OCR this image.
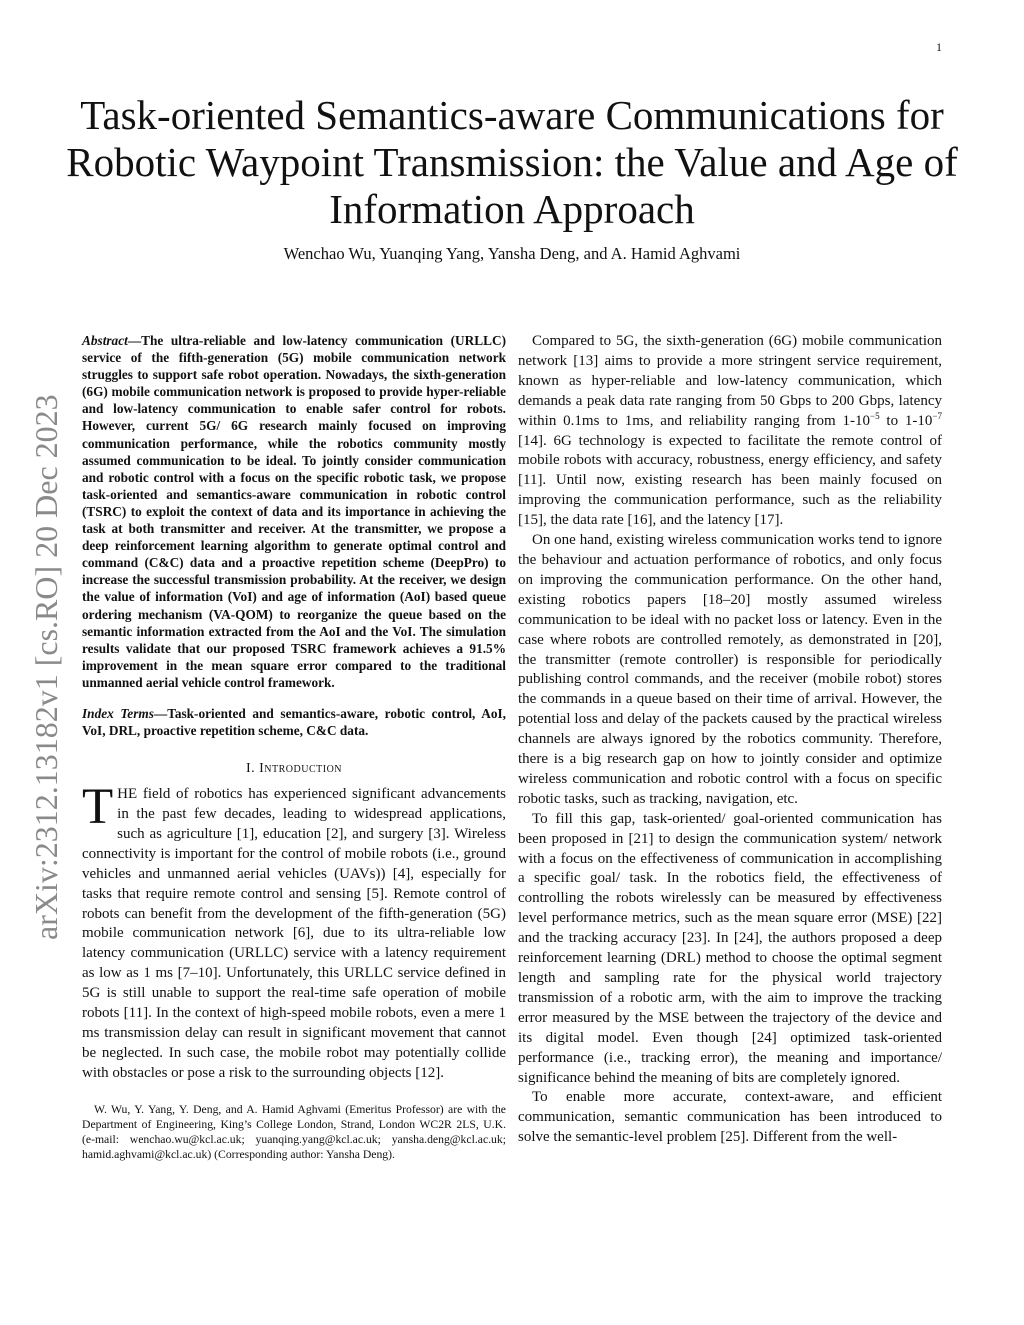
1
Task-oriented Semantics-aware Communications for Robotic Waypoint Transmission: the Value and Age of Information Approach
Wenchao Wu, Yuanqing Yang, Yansha Deng, and A. Hamid Aghvami
arXiv:2312.13182v1 [cs.RO] 20 Dec 2023

Abstract—The ultra-reliable and low-latency communication (URLLC) service of the fifth-generation (5G) mobile communication network struggles to support safe robot operation. Nowadays, the sixth-generation (6G) mobile communication network is proposed to provide hyper-reliable and low-latency communication to enable safer control for robots. However, current 5G/ 6G research mainly focused on improving communication performance, while the robotics community mostly assumed communication to be ideal. To jointly consider communication and robotic control with a focus on the specific robotic task, we propose task-oriented and semantics-aware communication in robotic control (TSRC) to exploit the context of data and its importance in achieving the task at both transmitter and receiver. At the transmitter, we propose a deep reinforcement learning algorithm to generate optimal control and command (C&C) data and a proactive repetition scheme (DeepPro) to increase the successful transmission probability. At the receiver, we design the value of information (VoI) and age of information (AoI) based queue ordering mechanism (VA-QOM) to reorganize the queue based on the semantic information extracted from the AoI and the VoI. The simulation results validate that our proposed TSRC framework achieves a 91.5% improvement in the mean square error compared to the traditional unmanned aerial vehicle control framework.

Index Terms—Task-oriented and semantics-aware, robotic control, AoI, VoI, DRL, proactive repetition scheme, C&C data.

I. Introduction

THE field of robotics has experienced significant advancements in the past few decades, leading to widespread applications, such as agriculture [1], education [2], and surgery [3]. Wireless connectivity is important for the control of mobile robots (i.e., ground vehicles and unmanned aerial vehicles (UAVs)) [4], especially for tasks that require remote control and sensing [5]. Remote control of robots can benefit from the development of the fifth-generation (5G) mobile communication network [6], due to its ultra-reliable low latency communication (URLLC) service with a latency requirement as low as 1 ms [7–10]. Unfortunately, this URLLC service defined in 5G is still unable to support the real-time safe operation of mobile robots [11]. In the context of high-speed mobile robots, even a mere 1 ms transmission delay can result in significant movement that cannot be neglected. In such case, the mobile robot may potentially collide with obstacles or pose a risk to the surrounding objects [12].

W. Wu, Y. Yang, Y. Deng, and A. Hamid Aghvami (Emeritus Professor) are with the Department of Engineering, King’s College London, Strand, London WC2R 2LS, U.K. (e-mail: wenchao.wu@kcl.ac.uk; yuanqing.yang@kcl.ac.uk; yansha.deng@kcl.ac.uk; hamid.aghvami@kcl.ac.uk) (Corresponding author: Yansha Deng).

Compared to 5G, the sixth-generation (6G) mobile communication network [13] aims to provide a more stringent service requirement, known as hyper-reliable and low-latency communication, which demands a peak data rate ranging from 50 Gbps to 200 Gbps, latency within 0.1ms to 1ms, and reliability ranging from $1-10^{-5}$ to $1-10^{-7}$ [14]. 6G technology is expected to facilitate the remote control of mobile robots with accuracy, robustness, energy efficiency, and safety [11]. Until now, existing research has been mainly focused on improving the communication performance, such as the reliability [15], the data rate [16], and the latency [17].

On one hand, existing wireless communication works tend to ignore the behaviour and actuation performance of robotics, and only focus on improving the communication performance. On the other hand, existing robotics papers [18–20] mostly assumed wireless communication to be ideal with no packet loss or latency. Even in the case where robots are controlled remotely, as demonstrated in [20], the transmitter (remote controller) is responsible for periodically publishing control commands, and the receiver (mobile robot) stores the commands in a queue based on their time of arrival. However, the potential loss and delay of the packets caused by the practical wireless channels are always ignored by the robotics community. Therefore, there is a big research gap on how to jointly consider and optimize wireless communication and robotic control with a focus on specific robotic tasks, such as tracking, navigation, etc.

To fill this gap, task-oriented/ goal-oriented communication has been proposed in [21] to design the communication system/ network with a focus on the effectiveness of communication in accomplishing a specific goal/ task. In the robotics field, the effectiveness of controlling the robots wirelessly can be measured by effectiveness level performance metrics, such as the mean square error (MSE) [22] and the tracking accuracy [23]. In [24], the authors proposed a deep reinforcement learning (DRL) method to choose the optimal segment length and sampling rate for the physical world trajectory transmission of a robotic arm, with the aim to improve the tracking error measured by the MSE between the trajectory of the device and its digital model. Even though [24] optimized task-oriented performance (i.e., tracking error), the meaning and importance/ significance behind the meaning of bits are completely ignored.

To enable more accurate, context-aware, and efficient communication, semantic communication has been introduced to solve the semantic-level problem [25]. Different from the well-
